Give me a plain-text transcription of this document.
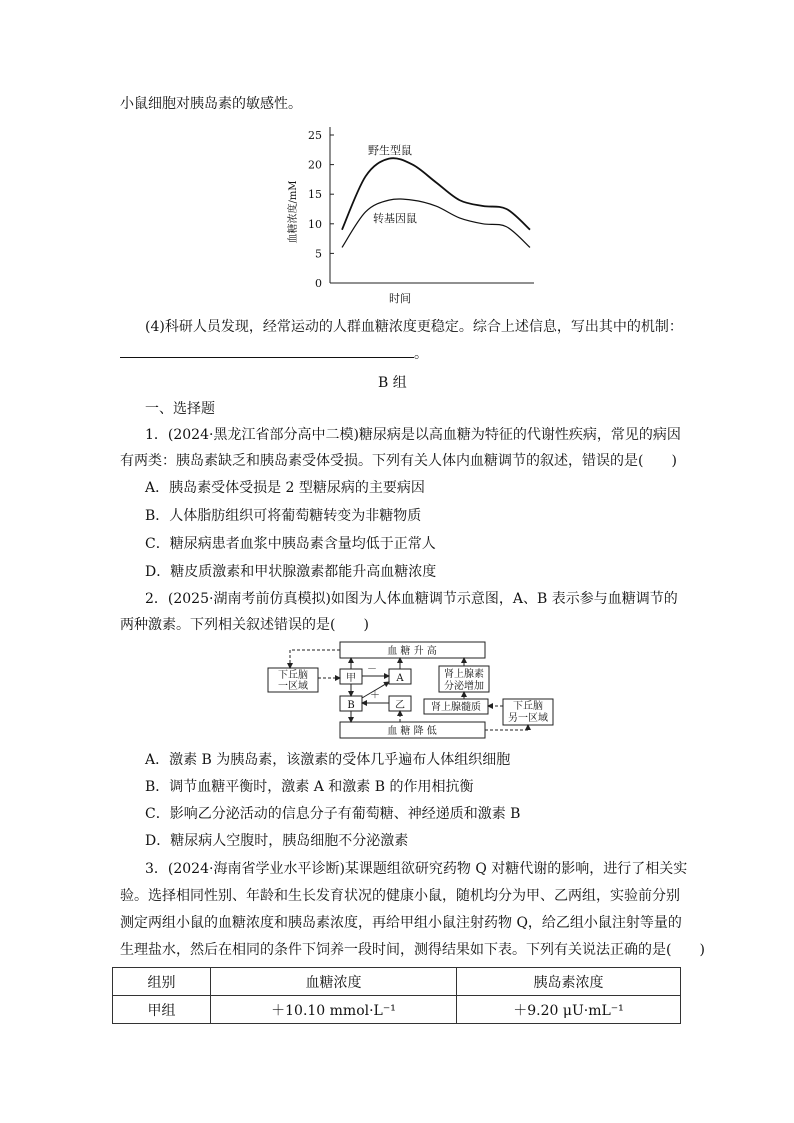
小鼠细胞对胰岛素的敏感性。
25
20
15
10
5
0
血糖浓度/mM
时间
野生型鼠
转基因鼠
(4)科研人员发现，经常运动的人群血糖浓度更稳定。综合上述信息，写出其中的机制：
。
B 组
一、选择题
1．(2024·黑龙江省部分高中二模)糖尿病是以高血糖为特征的代谢性疾病，常见的病因
有两类：胰岛素缺乏和胰岛素受体受损。下列有关人体内血糖调节的叙述，错误的是(　　)
A．胰岛素受体受损是 2 型糖尿病的主要病因
B．人体脂肪组织可将葡萄糖转变为非糖物质
C．糖尿病患者血浆中胰岛素含量均低于正常人
D．糖皮质激素和甲状腺激素都能升高血糖浓度
2．(2025·湖南考前仿真模拟)如图为人体血糖调节示意图，A、B 表示参与血糖调节的
两种激素。下列相关叙述错误的是(　　)
血 糖 升 高
下丘脑
一区域
甲	A
－
＋
肾上腺素
分泌增加
B	乙	肾上腺髓质	下丘脑
另一区域
血 糖 降 低
A．激素 B 为胰岛素，该激素的受体几乎遍布人体组织细胞
B．调节血糖平衡时，激素 A 和激素 B 的作用相抗衡
C．影响乙分泌活动的信息分子有葡萄糖、神经递质和激素 B
D．糖尿病人空腹时，胰岛细胞不分泌激素
3．(2024·海南省学业水平诊断)某课题组欲研究药物 Q 对糖代谢的影响，进行了相关实
验。选择相同性别、年龄和生长发育状况的健康小鼠，随机均分为甲、乙两组，实验前分别
测定两组小鼠的血糖浓度和胰岛素浓度，再给甲组小鼠注射药物 Q，给乙组小鼠注射等量的
生理盐水，然后在相同的条件下饲养一段时间，测得结果如下表。下列有关说法正确的是(　　)
组别	血糖浓度	胰岛素浓度
甲组	＋10.10 mmol·L⁻¹	＋9.20 μU·mL⁻¹
